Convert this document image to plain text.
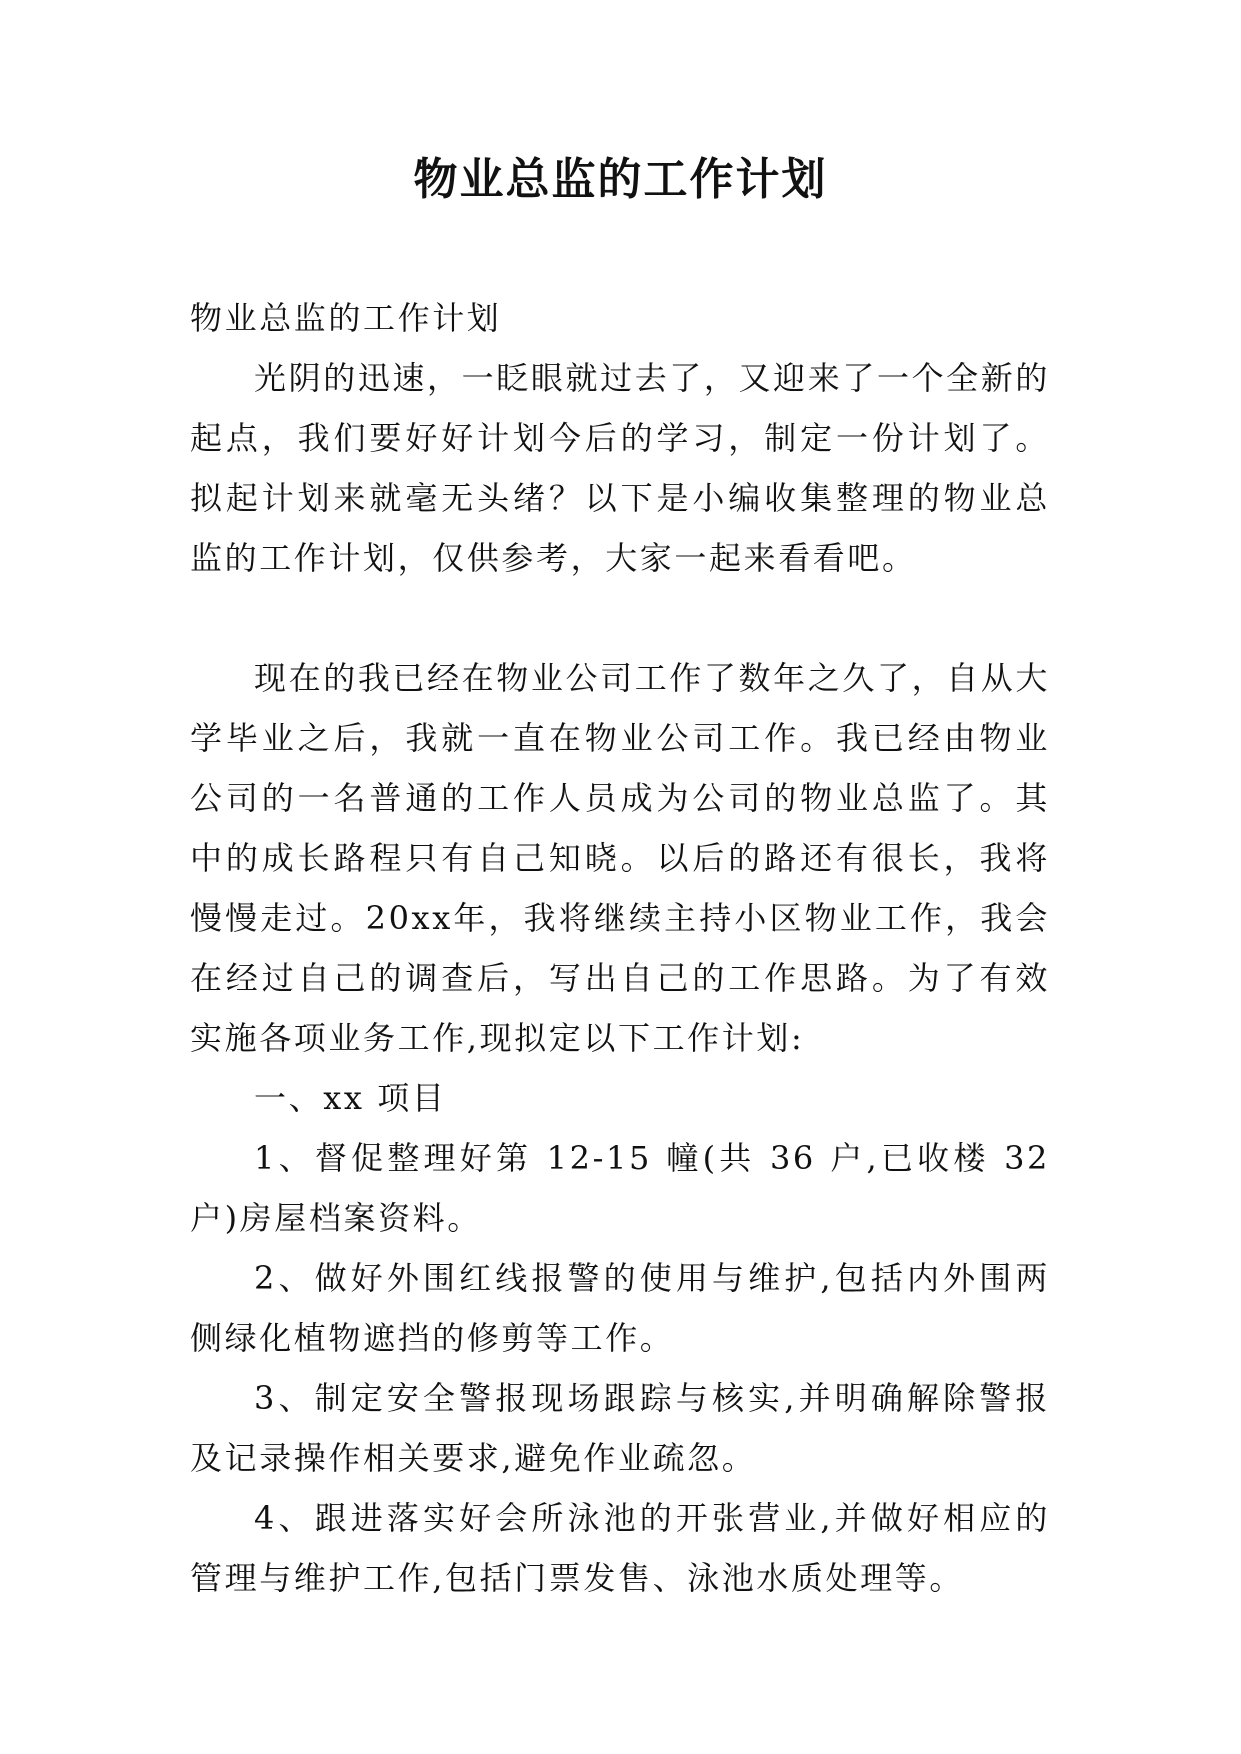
物业总监的工作计划

物业总监的工作计划

光阴的迅速，一眨眼就过去了，又迎来了一个全新的起点，我们要好好计划今后的学习，制定一份计划了。拟起计划来就毫无头绪？以下是小编收集整理的物业总监的工作计划，仅供参考，大家一起来看看吧。

现在的我已经在物业公司工作了数年之久了，自从大学毕业之后，我就一直在物业公司工作。我已经由物业公司的一名普通的工作人员成为公司的物业总监了。其中的成长路程只有自己知晓。以后的路还有很长，我将慢慢走过。20xx年，我将继续主持小区物业工作，我会在经过自己的调查后，写出自己的工作思路。为了有效实施各项业务工作,现拟定以下工作计划:

一、xx 项目

1、督促整理好第 12-15 幢(共 36 户,已收楼 32 户)房屋档案资料。

2、做好外围红线报警的使用与维护,包括内外围两侧绿化植物遮挡的修剪等工作。

3、制定安全警报现场跟踪与核实,并明确解除警报及记录操作相关要求,避免作业疏忽。

4、跟进落实好会所泳池的开张营业,并做好相应的管理与维护工作,包括门票发售、泳池水质处理等。
